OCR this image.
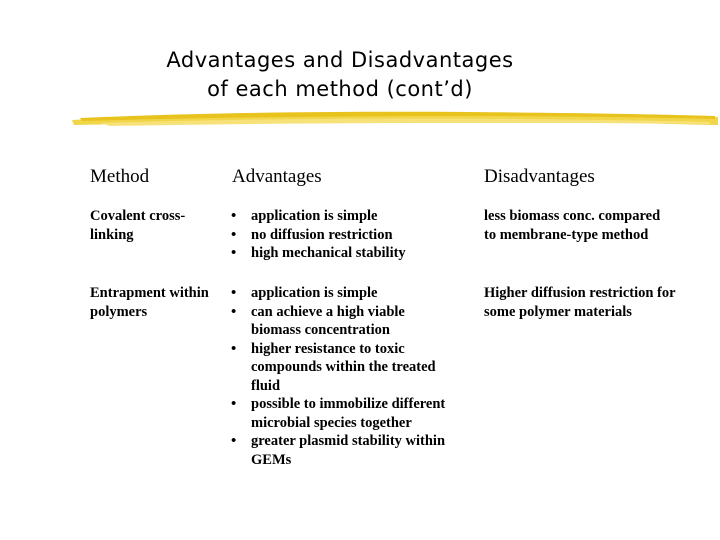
Advantages and Disadvantages
of each method (cont’d)
Method	Advantages	Disadvantages
Covalent cross-
linking
• application is simple
• no diffusion restriction
• high mechanical stability
less biomass conc. compared
to membrane-type method
Entrapment within
polymers
• application is simple
• can achieve a high viable
biomass concentration
• higher resistance to toxic
compounds within the treated
fluid
• possible to immobilize different
microbial species together
• greater plasmid stability within
GEMs
Higher diffusion restriction for
some polymer materials
